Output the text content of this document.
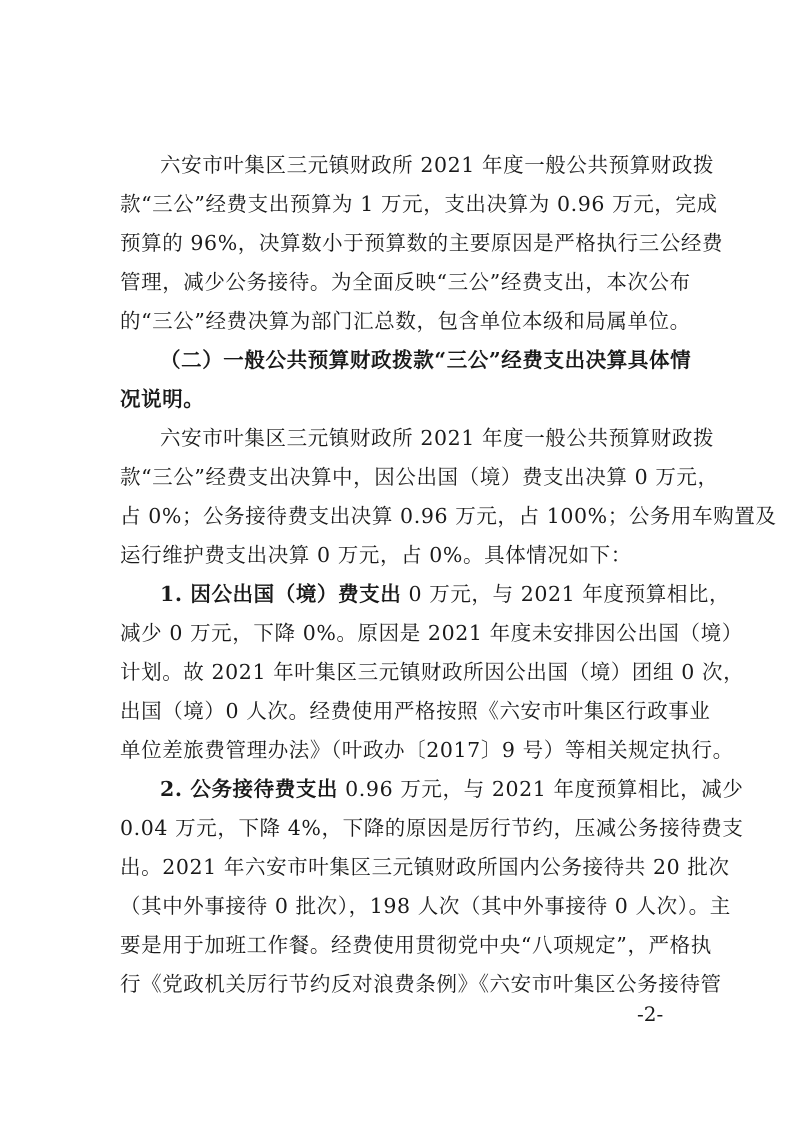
六安市叶集区三元镇财政所 2021 年度一般公共预算财政拨
款“三公”经费支出预算为 1 万元，支出决算为 0.96 万元，完成
预算的 96%，决算数小于预算数的主要原因是严格执行三公经费
管理，减少公务接待。为全面反映“三公”经费支出，本次公布
的“三公”经费决算为部门汇总数，包含单位本级和局属单位。
（二）一般公共预算财政拨款“三公”经费支出决算具体情
况说明。
六安市叶集区三元镇财政所 2021 年度一般公共预算财政拨
款“三公”经费支出决算中，因公出国（境）费支出决算 0 万元，
占 0%；公务接待费支出决算 0.96 万元，占 100%；公务用车购置及
运行维护费支出决算 0 万元，占 0%。具体情况如下：
1. 因公出国（境）费支出 0 万元，与 2021 年度预算相比，
减少 0 万元，下降 0%。原因是 2021 年度未安排因公出国（境）
计划。故 2021 年叶集区三元镇财政所因公出国（境）团组 0 次，
出国（境）0 人次。经费使用严格按照《六安市叶集区行政事业
单位差旅费管理办法》（叶政办〔2017〕9 号）等相关规定执行。
2. 公务接待费支出 0.96 万元，与 2021 年度预算相比，减少
0.04 万元，下降 4%，下降的原因是厉行节约，压减公务接待费支
出。2021 年六安市叶集区三元镇财政所国内公务接待共 20 批次
（其中外事接待 0 批次），198 人次（其中外事接待 0 人次）。主
要是用于加班工作餐。经费使用贯彻党中央“八项规定”，严格执
行《党政机关厉行节约反对浪费条例》《六安市叶集区公务接待管
-2-
